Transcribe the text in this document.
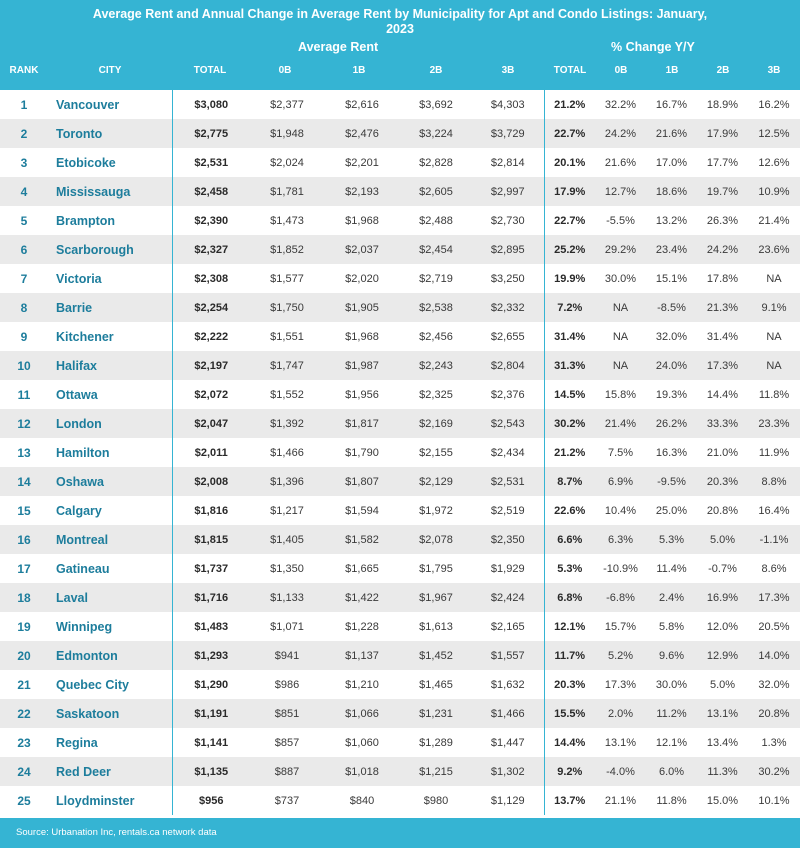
Average Rent and Annual Change in Average Rent by Municipality for Apt and Condo Listings: January, 2023
Average Rent	% Change Y/Y
RANK	CITY	TOTAL	0B	1B	2B	3B	TOTAL	0B	1B	2B	3B
1	Vancouver	$3,080	$2,377	$2,616	$3,692	$4,303	21.2%	32.2%	16.7%	18.9%	16.2%
2	Toronto	$2,775	$1,948	$2,476	$3,224	$3,729	22.7%	24.2%	21.6%	17.9%	12.5%
3	Etobicoke	$2,531	$2,024	$2,201	$2,828	$2,814	20.1%	21.6%	17.0%	17.7%	12.6%
4	Mississauga	$2,458	$1,781	$2,193	$2,605	$2,997	17.9%	12.7%	18.6%	19.7%	10.9%
5	Brampton	$2,390	$1,473	$1,968	$2,488	$2,730	22.7%	-5.5%	13.2%	26.3%	21.4%
6	Scarborough	$2,327	$1,852	$2,037	$2,454	$2,895	25.2%	29.2%	23.4%	24.2%	23.6%
7	Victoria	$2,308	$1,577	$2,020	$2,719	$3,250	19.9%	30.0%	15.1%	17.8%	NA
8	Barrie	$2,254	$1,750	$1,905	$2,538	$2,332	7.2%	NA	-8.5%	21.3%	9.1%
9	Kitchener	$2,222	$1,551	$1,968	$2,456	$2,655	31.4%	NA	32.0%	31.4%	NA
10	Halifax	$2,197	$1,747	$1,987	$2,243	$2,804	31.3%	NA	24.0%	17.3%	NA
11	Ottawa	$2,072	$1,552	$1,956	$2,325	$2,376	14.5%	15.8%	19.3%	14.4%	11.8%
12	London	$2,047	$1,392	$1,817	$2,169	$2,543	30.2%	21.4%	26.2%	33.3%	23.3%
13	Hamilton	$2,011	$1,466	$1,790	$2,155	$2,434	21.2%	7.5%	16.3%	21.0%	11.9%
14	Oshawa	$2,008	$1,396	$1,807	$2,129	$2,531	8.7%	6.9%	-9.5%	20.3%	8.8%
15	Calgary	$1,816	$1,217	$1,594	$1,972	$2,519	22.6%	10.4%	25.0%	20.8%	16.4%
16	Montreal	$1,815	$1,405	$1,582	$2,078	$2,350	6.6%	6.3%	5.3%	5.0%	-1.1%
17	Gatineau	$1,737	$1,350	$1,665	$1,795	$1,929	5.3%	-10.9%	11.4%	-0.7%	8.6%
18	Laval	$1,716	$1,133	$1,422	$1,967	$2,424	6.8%	-6.8%	2.4%	16.9%	17.3%
19	Winnipeg	$1,483	$1,071	$1,228	$1,613	$2,165	12.1%	15.7%	5.8%	12.0%	20.5%
20	Edmonton	$1,293	$941	$1,137	$1,452	$1,557	11.7%	5.2%	9.6%	12.9%	14.0%
21	Quebec City	$1,290	$986	$1,210	$1,465	$1,632	20.3%	17.3%	30.0%	5.0%	32.0%
22	Saskatoon	$1,191	$851	$1,066	$1,231	$1,466	15.5%	2.0%	11.2%	13.1%	20.8%
23	Regina	$1,141	$857	$1,060	$1,289	$1,447	14.4%	13.1%	12.1%	13.4%	1.3%
24	Red Deer	$1,135	$887	$1,018	$1,215	$1,302	9.2%	-4.0%	6.0%	11.3%	30.2%
25	Lloydminster	$956	$737	$840	$980	$1,129	13.7%	21.1%	11.8%	15.0%	10.1%
Source: Urbanation Inc, rentals.ca network data
